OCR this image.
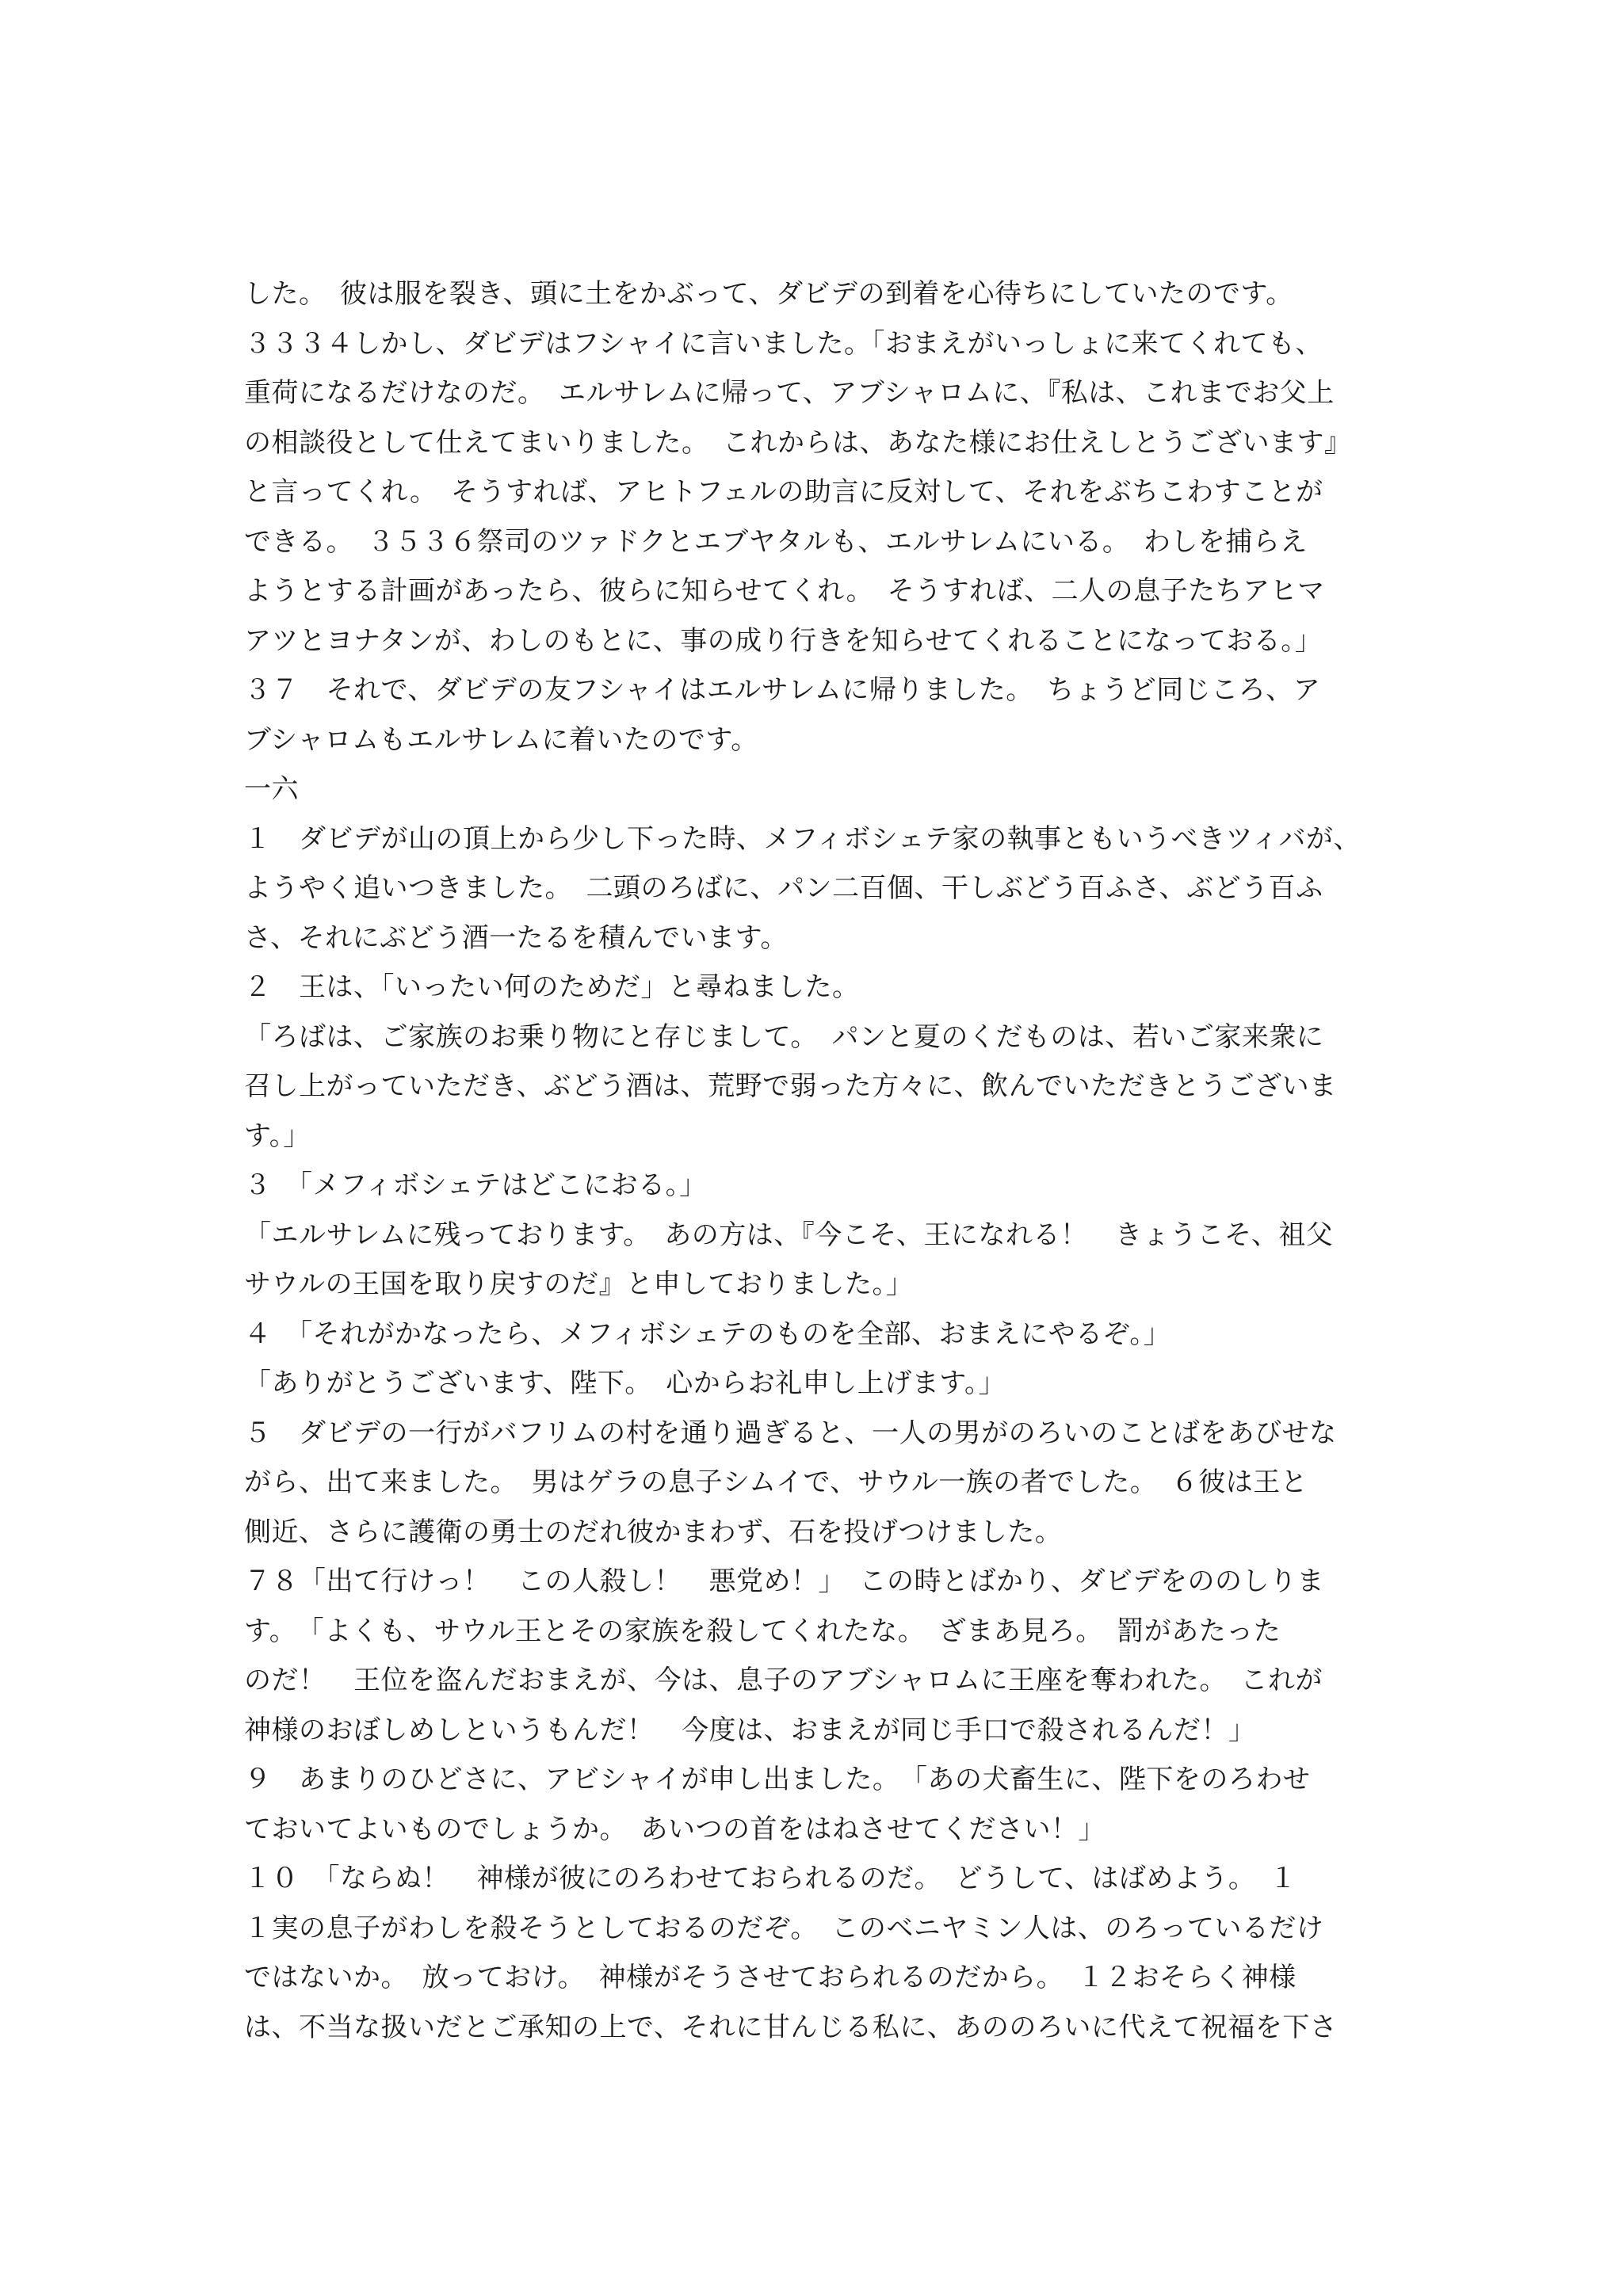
した。　彼は服を裂き、頭に土をかぶって、ダビデの到着を心待ちにしていたのです。
３３３４しかし、ダビデはフシャイに言いました。「おまえがいっしょに来てくれても、
重荷になるだけなのだ。　エルサレムに帰って、アブシャロムに、『私は、これまでお父上
の相談役として仕えてまいりました。　これからは、あなた様にお仕えしとうございます』
と言ってくれ。　そうすれば、アヒトフェルの助言に反対して、それをぶちこわすことが
できる。　３５３６祭司のツァドクとエブヤタルも、エルサレムにいる。　わしを捕らえ
ようとする計画があったら、彼らに知らせてくれ。　そうすれば、二人の息子たちアヒマ
アツとヨナタンが、わしのもとに、事の成り行きを知らせてくれることになっておる。」
３７　それで、ダビデの友フシャイはエルサレムに帰りました。　ちょうど同じころ、ア
ブシャロムもエルサレムに着いたのです。
一六
１　ダビデが山の頂上から少し下った時、メフィボシェテ家の執事ともいうべきツィバが、
ようやく追いつきました。　二頭のろばに、パン二百個、干しぶどう百ふさ、ぶどう百ふ
さ、それにぶどう酒一たるを積んでいます。
２　王は、「いったい何のためだ」と尋ねました。
「ろばは、ご家族のお乗り物にと存じまして。　パンと夏のくだものは、若いご家来衆に
召し上がっていただき、ぶどう酒は、荒野で弱った方々に、飲んでいただきとうございま
す。」
３　「メフィボシェテはどこにおる。」
「エルサレムに残っております。　あの方は、『今こそ、王になれる！　きょうこそ、祖父
サウルの王国を取り戻すのだ』と申しておりました。」
４　「それがかなったら、メフィボシェテのものを全部、おまえにやるぞ。」
「ありがとうございます、陛下。　心からお礼申し上げます。」
５　ダビデの一行がバフリムの村を通り過ぎると、一人の男がのろいのことばをあびせな
がら、出て来ました。　男はゲラの息子シムイで、サウル一族の者でした。　６彼は王と
側近、さらに護衛の勇士のだれ彼かまわず、石を投げつけました。
７８「出て行けっ！　この人殺し！　悪党め！」　この時とばかり、ダビデをののしりま
す。　「よくも、サウル王とその家族を殺してくれたな。　ざまあ見ろ。　罰があたった
のだ！　王位を盗んだおまえが、今は、息子のアブシャロムに王座を奪われた。　これが
神様のおぼしめしというもんだ！　今度は、おまえが同じ手口で殺されるんだ！」
９　あまりのひどさに、アビシャイが申し出ました。　「あの犬畜生に、陛下をのろわせ
ておいてよいものでしょうか。　あいつの首をはねさせてください！」
１０　「ならぬ！　神様が彼にのろわせておられるのだ。　どうして、はばめよう。　１
１実の息子がわしを殺そうとしておるのだぞ。　このベニヤミン人は、のろっているだけ
ではないか。　放っておけ。　神様がそうさせておられるのだから。　１２おそらく神様
は、不当な扱いだとご承知の上で、それに甘んじる私に、あののろいに代えて祝福を下さ
